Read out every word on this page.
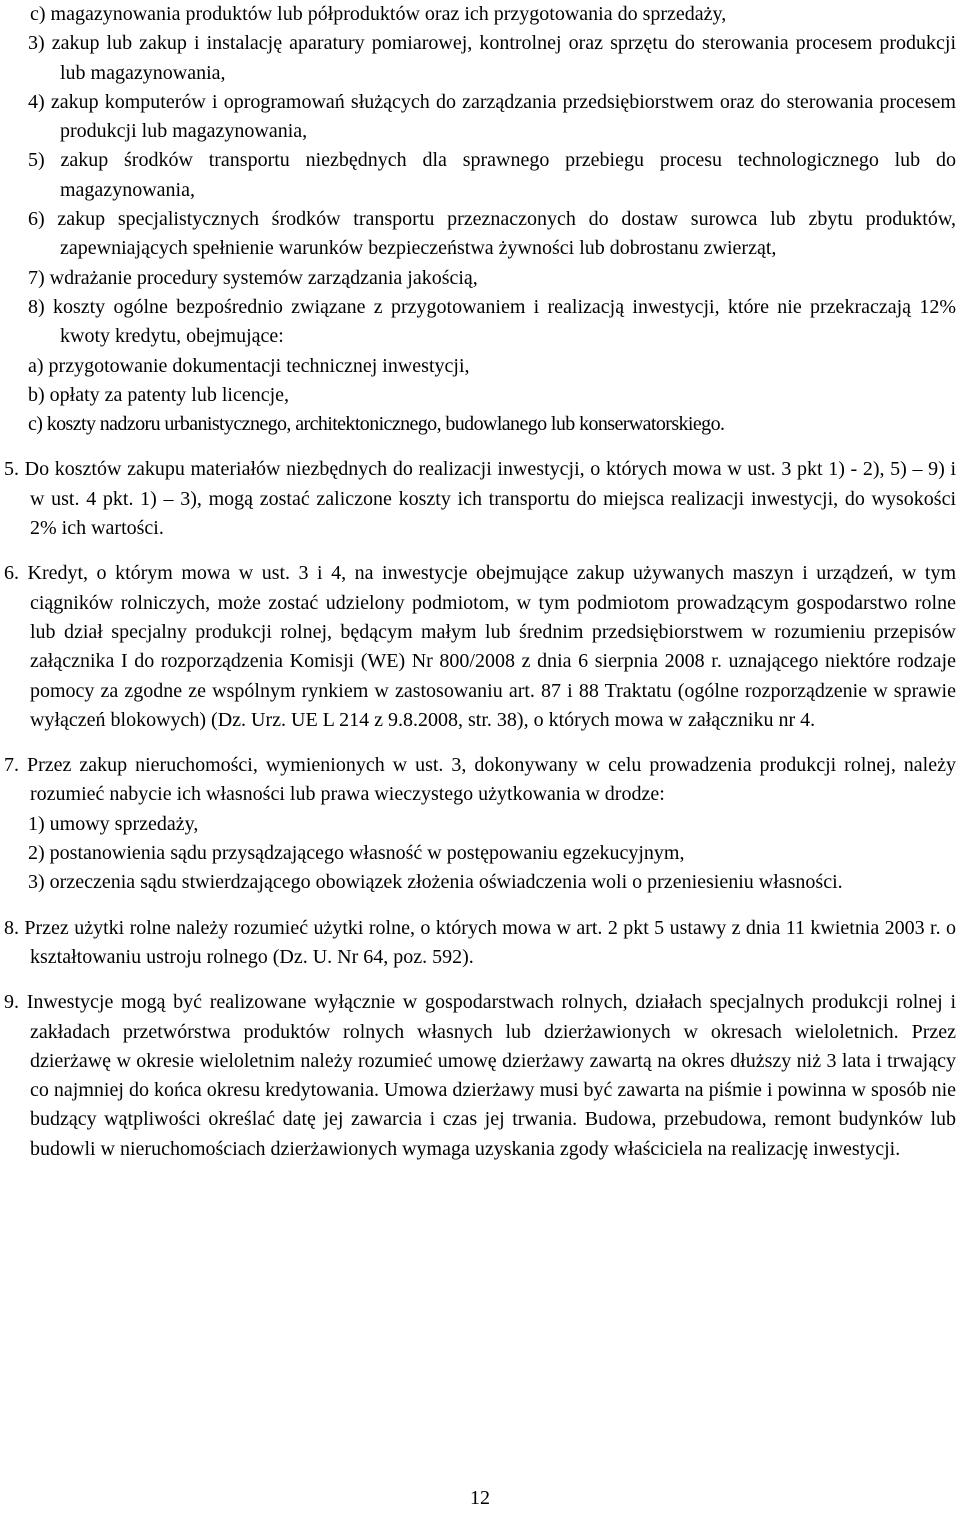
c) magazynowania produktów lub półproduktów oraz ich przygotowania do sprzedaży,
3) zakup lub zakup i instalację aparatury pomiarowej, kontrolnej oraz sprzętu do sterowania procesem produkcji lub magazynowania,
4) zakup komputerów i oprogramowań służących do zarządzania przedsiębiorstwem oraz do sterowania procesem produkcji lub magazynowania,
5) zakup środków transportu niezbędnych dla sprawnego przebiegu procesu technologicznego lub do magazynowania,
6) zakup specjalistycznych środków transportu przeznaczonych do dostaw surowca lub zbytu produktów, zapewniających spełnienie warunków bezpieczeństwa żywności lub dobrostanu zwierząt,
7) wdrażanie procedury systemów zarządzania jakością,
8) koszty ogólne bezpośrednio związane z przygotowaniem i realizacją inwestycji, które nie przekraczają 12% kwoty kredytu, obejmujące:
a) przygotowanie dokumentacji technicznej inwestycji,
b) opłaty za patenty lub licencje,
c) koszty nadzoru urbanistycznego, architektonicznego, budowlanego lub konserwatorskiego.
5. Do kosztów zakupu materiałów niezbędnych do realizacji inwestycji, o których mowa w ust. 3 pkt 1) - 2), 5) – 9) i w ust. 4 pkt. 1) – 3), mogą zostać zaliczone koszty ich transportu do miejsca realizacji inwestycji, do wysokości 2% ich wartości.
6. Kredyt, o którym mowa w ust. 3 i 4, na inwestycje obejmujące zakup używanych maszyn i urządzeń, w tym ciągników rolniczych, może zostać udzielony podmiotom, w tym podmiotom prowadzącym gospodarstwo rolne lub dział specjalny produkcji rolnej, będącym małym lub średnim przedsiębiorstwem w rozumieniu przepisów załącznika I do rozporządzenia Komisji (WE) Nr 800/2008 z dnia 6 sierpnia 2008 r. uznającego niektóre rodzaje pomocy za zgodne ze wspólnym rynkiem w zastosowaniu art. 87 i 88 Traktatu (ogólne rozporządzenie w sprawie wyłączeń blokowych) (Dz. Urz. UE L 214 z 9.8.2008, str. 38), o których mowa w załączniku nr 4.
7. Przez zakup nieruchomości, wymienionych w ust. 3, dokonywany w celu prowadzenia produkcji rolnej, należy rozumieć nabycie ich własności lub prawa wieczystego użytkowania w drodze:
1) umowy sprzedaży,
2) postanowienia sądu przysądzającego własność w postępowaniu egzekucyjnym,
3) orzeczenia sądu stwierdzającego obowiązek złożenia oświadczenia woli o przeniesieniu własności.
8. Przez użytki rolne należy rozumieć użytki rolne, o których mowa w art. 2 pkt 5 ustawy z dnia 11 kwietnia 2003 r. o kształtowaniu ustroju rolnego (Dz. U. Nr 64, poz. 592).
9. Inwestycje mogą być realizowane wyłącznie w gospodarstwach rolnych, działach specjalnych produkcji rolnej i zakładach przetwórstwa produktów rolnych własnych lub dzierżawionych w okresach wieloletnich. Przez dzierżawę w okresie wieloletnim należy rozumieć umowę dzierżawy zawartą na okres dłuższy niż 3 lata i trwający co najmniej do końca okresu kredytowania. Umowa dzierżawy musi być zawarta na piśmie i powinna w sposób nie budzący wątpliwości określać datę jej zawarcia i czas jej trwania. Budowa, przebudowa, remont budynków lub budowli w nieruchomościach dzierżawionych wymaga uzyskania zgody właściciela na realizację inwestycji.
12
